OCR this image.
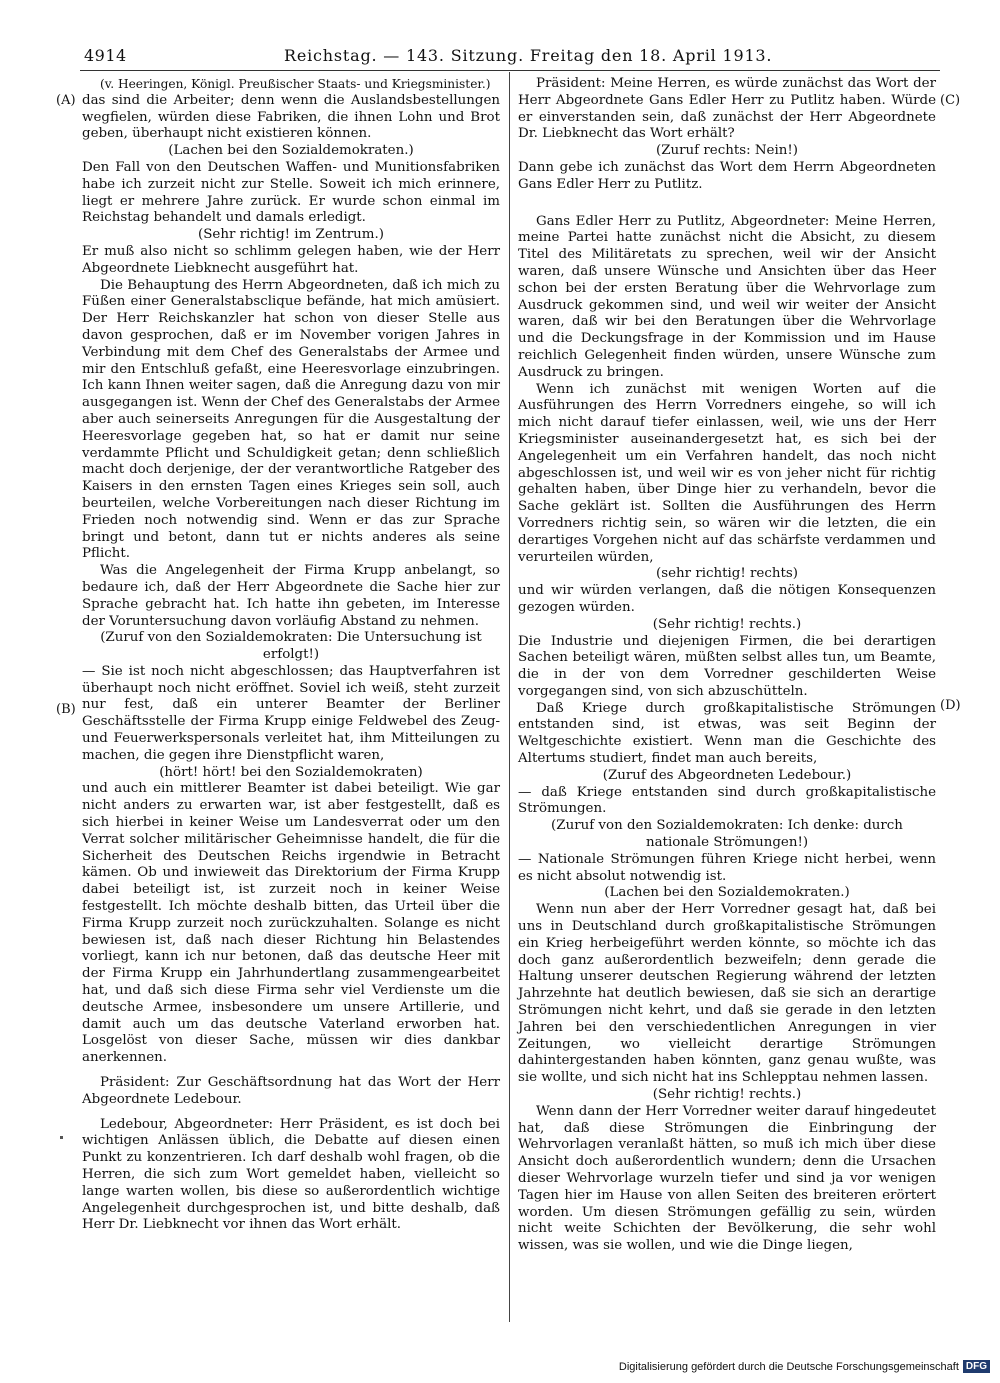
4914	Reichstag. — 143. Sitzung. Freitag den 18. April 1913.
(A)
(B)
(C)
(D)

(v. Heeringen, Königl. Preußischer Staats- und Kriegsminister.)

das sind die Arbeiter; denn wenn die Auslandsbestellungen wegfielen, würden diese Fabriken, die ihnen Lohn und Brot geben, überhaupt nicht existieren können.

(Lachen bei den Sozialdemokraten.)

Den Fall von den Deutschen Waffen- und Munitionsfabriken habe ich zurzeit nicht zur Stelle. Soweit ich mich erinnere, liegt er mehrere Jahre zurück. Er wurde schon einmal im Reichstag behandelt und damals erledigt.

(Sehr richtig! im Zentrum.)

Er muß also nicht so schlimm gelegen haben, wie der Herr Abgeordnete Liebknecht ausgeführt hat.

Die Behauptung des Herrn Abgeordneten, daß ich mich zu Füßen einer Generalstabsclique befände, hat mich amüsiert. Der Herr Reichskanzler hat schon von dieser Stelle aus davon gesprochen, daß er im November vorigen Jahres in Verbindung mit dem Chef des Generalstabs der Armee und mir den Entschluß gefaßt, eine Heeresvorlage einzubringen. Ich kann Ihnen weiter sagen, daß die Anregung dazu von mir ausgegangen ist. Wenn der Chef des Generalstabs der Armee aber auch seinerseits Anregungen für die Ausgestaltung der Heeresvorlage gegeben hat, so hat er damit nur seine verdammte Pflicht und Schuldigkeit getan; denn schließlich macht doch derjenige, der der verantwortliche Ratgeber des Kaisers in den ernsten Tagen eines Krieges sein soll, auch beurteilen, welche Vorbereitungen nach dieser Richtung im Frieden noch notwendig sind. Wenn er das zur Sprache bringt und betont, dann tut er nichts anderes als seine Pflicht.

Was die Angelegenheit der Firma Krupp anbelangt, so bedaure ich, daß der Herr Abgeordnete die Sache hier zur Sprache gebracht hat. Ich hatte ihn gebeten, im Interesse der Voruntersuchung davon vorläufig Abstand zu nehmen.

(Zuruf von den Sozialdemokraten: Die Untersuchung ist erfolgt!)

— Sie ist noch nicht abgeschlossen; das Hauptverfahren ist überhaupt noch nicht eröffnet. Soviel ich weiß, steht zurzeit nur fest, daß ein unterer Beamter der Berliner Geschäftsstelle der Firma Krupp einige Feldwebel des Zeug- und Feuerwerkspersonals verleitet hat, ihm Mitteilungen zu machen, die gegen ihre Dienstpflicht waren,

(hört! hört! bei den Sozialdemokraten)

und auch ein mittlerer Beamter ist dabei beteiligt. Wie gar nicht anders zu erwarten war, ist aber festgestellt, daß es sich hierbei in keiner Weise um Landesverrat oder um den Verrat solcher militärischer Geheimnisse handelt, die für die Sicherheit des Deutschen Reichs irgendwie in Betracht kämen. Ob und inwieweit das Direktorium der Firma Krupp dabei beteiligt ist, ist zurzeit noch in keiner Weise festgestellt. Ich möchte deshalb bitten, das Urteil über die Firma Krupp zurzeit noch zurückzuhalten. Solange es nicht bewiesen ist, daß nach dieser Richtung hin Belastendes vorliegt, kann ich nur betonen, daß das deutsche Heer mit der Firma Krupp ein Jahrhundertlang zusammengearbeitet hat, und daß sich diese Firma sehr viel Verdienste um die deutsche Armee, insbesondere um unsere Artillerie, und damit auch um das deutsche Vaterland erworben hat. Losgelöst von dieser Sache, müssen wir dies dankbar anerkennen.

Präsident: Zur Geschäftsordnung hat das Wort der Herr Abgeordnete Ledebour.

Ledebour, Abgeordneter: Herr Präsident, es ist doch bei wichtigen Anlässen üblich, die Debatte auf diesen einen Punkt zu konzentrieren. Ich darf deshalb wohl fragen, ob die Herren, die sich zum Wort gemeldet haben, vielleicht so lange warten wollen, bis diese so außerordentlich wichtige Angelegenheit durchgesprochen ist, und bitte deshalb, daß Herr Dr. Liebknecht vor ihnen das Wort erhält.

Präsident: Meine Herren, es würde zunächst das Wort der Herr Abgeordnete Gans Edler Herr zu Putlitz haben. Würde er einverstanden sein, daß zunächst der Herr Abgeordnete Dr. Liebknecht das Wort erhält?

(Zuruf rechts: Nein!)

Dann gebe ich zunächst das Wort dem Herrn Abgeordneten Gans Edler Herr zu Putlitz.

Gans Edler Herr zu Putlitz, Abgeordneter: Meine Herren, meine Partei hatte zunächst nicht die Absicht, zu diesem Titel des Militäretats zu sprechen, weil wir der Ansicht waren, daß unsere Wünsche und Ansichten über das Heer schon bei der ersten Beratung über die Wehrvorlage zum Ausdruck gekommen sind, und weil wir weiter der Ansicht waren, daß wir bei den Beratungen über die Wehrvorlage und die Deckungsfrage in der Kommission und im Hause reichlich Gelegenheit finden würden, unsere Wünsche zum Ausdruck zu bringen.

Wenn ich zunächst mit wenigen Worten auf die Ausführungen des Herrn Vorredners eingehe, so will ich mich nicht darauf tiefer einlassen, weil, wie uns der Herr Kriegsminister auseinandergesetzt hat, es sich bei der Angelegenheit um ein Verfahren handelt, das noch nicht abgeschlossen ist, und weil wir es von jeher nicht für richtig gehalten haben, über Dinge hier zu verhandeln, bevor die Sache geklärt ist. Sollten die Ausführungen des Herrn Vorredners richtig sein, so wären wir die letzten, die ein derartiges Vorgehen nicht auf das schärfste verdammen und verurteilen würden,

(sehr richtig! rechts)

und wir würden verlangen, daß die nötigen Konsequenzen gezogen würden.

(Sehr richtig! rechts.)

Die Industrie und diejenigen Firmen, die bei derartigen Sachen beteiligt wären, müßten selbst alles tun, um Beamte, die in der von dem Vorredner geschilderten Weise vorgegangen sind, von sich abzuschütteln.

Daß Kriege durch großkapitalistische Strömungen entstanden sind, ist etwas, was seit Beginn der Weltgeschichte existiert. Wenn man die Geschichte des Altertums studiert, findet man auch bereits,

(Zuruf des Abgeordneten Ledebour.)

— daß Kriege entstanden sind durch großkapitalistische Strömungen.

(Zuruf von den Sozialdemokraten: Ich denke: durch nationale Strömungen!)

— Nationale Strömungen führen Kriege nicht herbei, wenn es nicht absolut notwendig ist.

(Lachen bei den Sozialdemokraten.)

Wenn nun aber der Herr Vorredner gesagt hat, daß bei uns in Deutschland durch großkapitalistische Strömungen ein Krieg herbeigeführt werden könnte, so möchte ich das doch ganz außerordentlich bezweifeln; denn gerade die Haltung unserer deutschen Regierung während der letzten Jahrzehnte hat deutlich bewiesen, daß sie sich an derartige Strömungen nicht kehrt, und daß sie gerade in den letzten Jahren bei den verschiedentlichen Anregungen in vier Zeitungen, wo vielleicht derartige Strömungen dahintergestanden haben könnten, ganz genau wußte, was sie wollte, und sich nicht hat ins Schlepptau nehmen lassen.

(Sehr richtig! rechts.)

Wenn dann der Herr Vorredner weiter darauf hingedeutet hat, daß diese Strömungen die Einbringung der Wehrvorlagen veranlaßt hätten, so muß ich mich über diese Ansicht doch außerordentlich wundern; denn die Ursachen dieser Wehrvorlage wurzeln tiefer und sind ja vor wenigen Tagen hier im Hause von allen Seiten des breiteren erörtert worden. Um diesen Strömungen gefällig zu sein, würden nicht weite Schichten der Bevölkerung, die sehr wohl wissen, was sie wollen, und wie die Dinge liegen,

Digitalisierung gefördert durch die Deutsche Forschungsgemeinschaft DFG
